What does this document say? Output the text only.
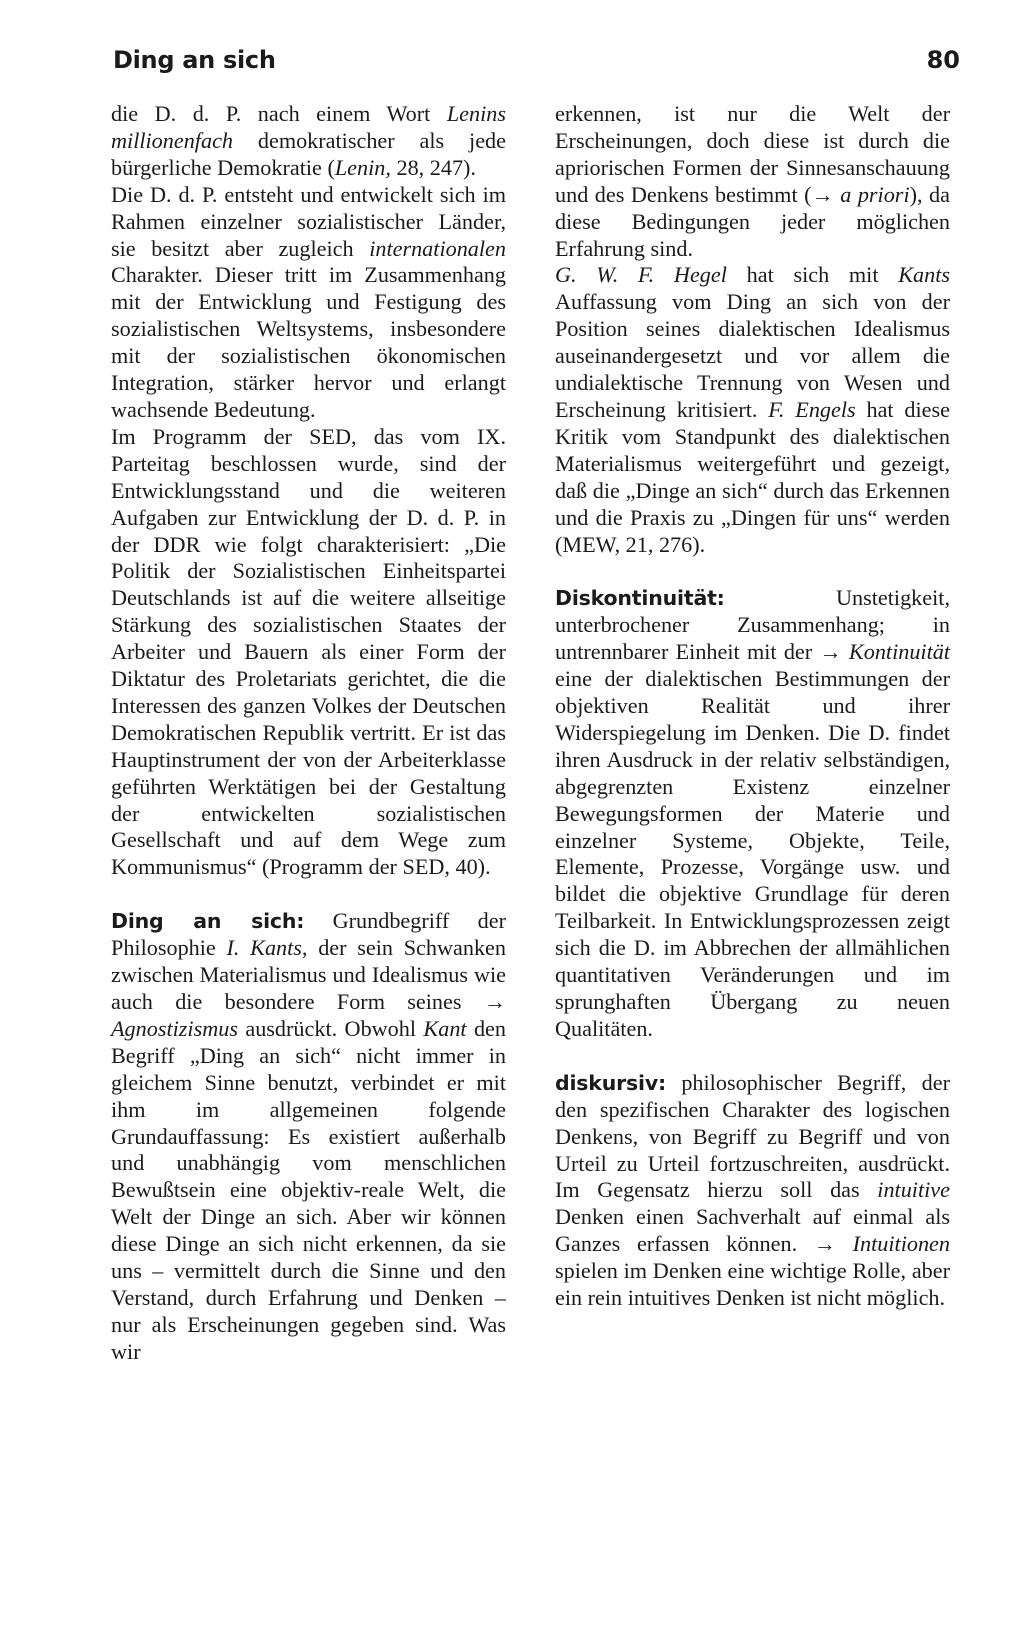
Ding an sich	80

die D. d. P. nach einem Wort Lenins millionenfach demokratischer als jede bürgerliche Demokratie (Lenin, 28, 247).

Die D. d. P. entsteht und entwickelt sich im Rahmen einzelner sozialistischer Länder, sie besitzt aber zugleich internationalen Charakter. Dieser tritt im Zusammenhang mit der Entwicklung und Festigung des sozialistischen Weltsystems, insbesondere mit der sozialistischen ökonomischen Integration, stärker hervor und erlangt wachsende Bedeutung.

Im Programm der SED, das vom IX. Parteitag beschlossen wurde, sind der Entwicklungsstand und die weiteren Aufgaben zur Entwicklung der D. d. P. in der DDR wie folgt charakterisiert: „Die Politik der Sozialistischen Einheitspartei Deutschlands ist auf die weitere allseitige Stärkung des sozialistischen Staates der Arbeiter und Bauern als einer Form der Diktatur des Proletariats gerichtet, die die Interessen des ganzen Volkes der Deutschen Demokratischen Republik vertritt. Er ist das Hauptinstrument der von der Arbeiterklasse geführten Werktätigen bei der Gestaltung der entwickelten sozialistischen Gesellschaft und auf dem Wege zum Kommunismus“ (Programm der SED, 40).

Ding an sich: Grundbegriff der Philosophie I. Kants, der sein Schwanken zwischen Materialismus und Idealismus wie auch die besondere Form seines → Agnostizismus ausdrückt. Obwohl Kant den Begriff „Ding an sich“ nicht immer in gleichem Sinne benutzt, verbindet er mit ihm im allgemeinen folgende Grundauffassung: Es existiert außerhalb und unabhängig vom menschlichen Bewußtsein eine objektiv-reale Welt, die Welt der Dinge an sich. Aber wir können diese Dinge an sich nicht erkennen, da sie uns – vermittelt durch die Sinne und den Verstand, durch Erfahrung und Denken – nur als Erscheinungen gegeben sind. Was wir

erkennen, ist nur die Welt der Erscheinungen, doch diese ist durch die apriorischen Formen der Sinnesanschauung und des Denkens bestimmt (→ a priori), da diese Bedingungen jeder möglichen Erfahrung sind.

G. W. F. Hegel hat sich mit Kants Auffassung vom Ding an sich von der Position seines dialektischen Idealismus auseinandergesetzt und vor allem die undialektische Trennung von Wesen und Erscheinung kritisiert. F. Engels hat diese Kritik vom Standpunkt des dialektischen Materialismus weitergeführt und gezeigt, daß die „Dinge an sich“ durch das Erkennen und die Praxis zu „Dingen für uns“ werden (MEW, 21, 276).

Diskontinuität: Unstetigkeit, unterbrochener Zusammenhang; in untrennbarer Einheit mit der → Kontinuität eine der dialektischen Bestimmungen der objektiven Realität und ihrer Widerspiegelung im Denken. Die D. findet ihren Ausdruck in der relativ selbständigen, abgegrenzten Existenz einzelner Bewegungsformen der Materie und einzelner Systeme, Objekte, Teile, Elemente, Prozesse, Vorgänge usw. und bildet die objektive Grundlage für deren Teilbarkeit. In Entwicklungsprozessen zeigt sich die D. im Abbrechen der allmählichen quantitativen Veränderungen und im sprunghaften Übergang zu neuen Qualitäten.

diskursiv: philosophischer Begriff, der den spezifischen Charakter des logischen Denkens, von Begriff zu Begriff und von Urteil zu Urteil fortzuschreiten, ausdrückt. Im Gegensatz hierzu soll das intuitive Denken einen Sachverhalt auf einmal als Ganzes erfassen können. → Intuitionen spielen im Denken eine wichtige Rolle, aber ein rein intuitives Denken ist nicht möglich.
